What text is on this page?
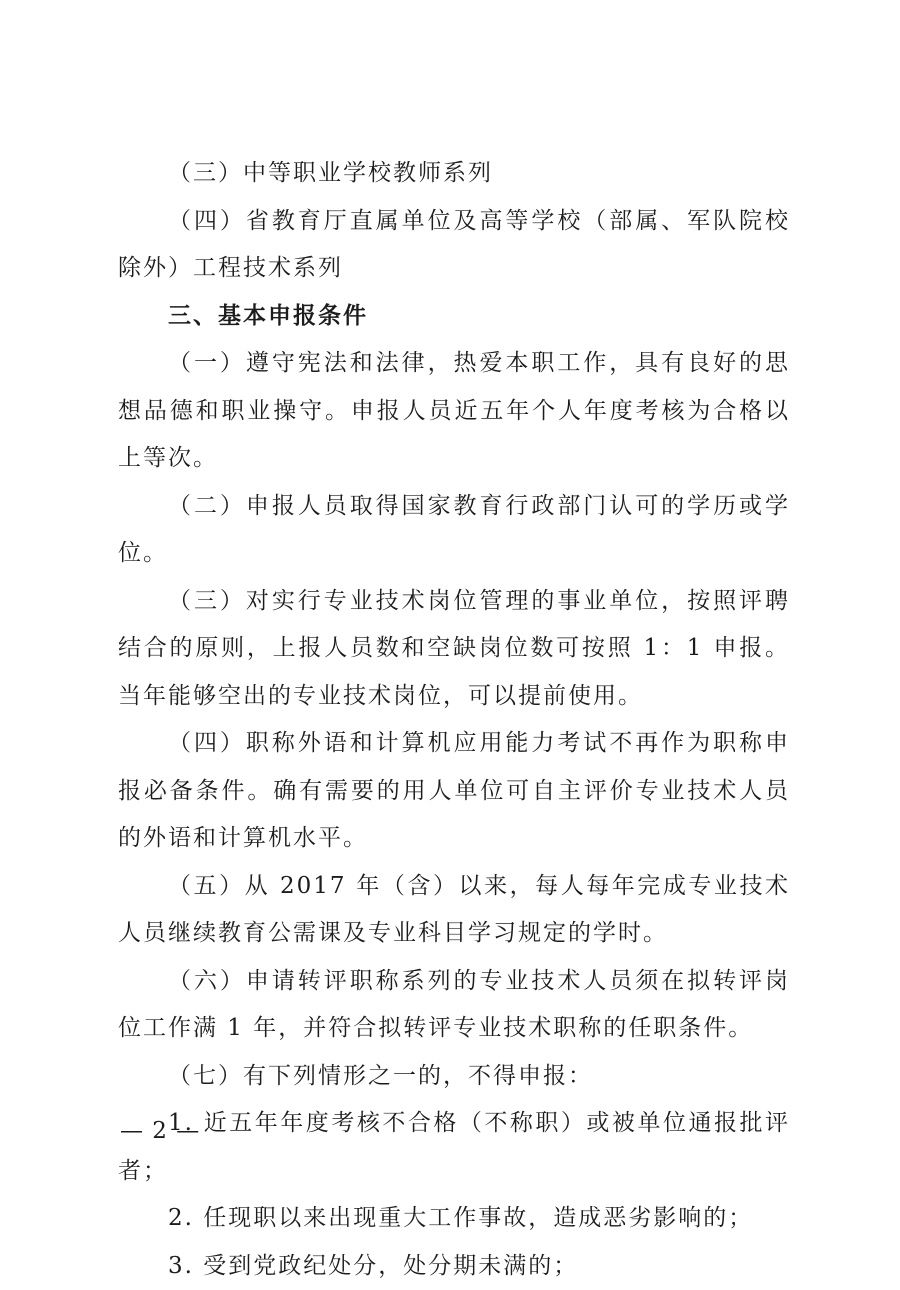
（三）中等职业学校教师系列

（四）省教育厅直属单位及高等学校（部属、军队院校除外）工程技术系列

三、基本申报条件

（一）遵守宪法和法律，热爱本职工作，具有良好的思想品德和职业操守。申报人员近五年个人年度考核为合格以上等次。

（二）申报人员取得国家教育行政部门认可的学历或学位。

（三）对实行专业技术岗位管理的事业单位，按照评聘结合的原则，上报人员数和空缺岗位数可按照 1：1 申报。当年能够空出的专业技术岗位，可以提前使用。

（四）职称外语和计算机应用能力考试不再作为职称申报必备条件。确有需要的用人单位可自主评价专业技术人员的外语和计算机水平。

（五）从 2017 年（含）以来，每人每年完成专业技术人员继续教育公需课及专业科目学习规定的学时。

（六）申请转评职称系列的专业技术人员须在拟转评岗位工作满 1 年，并符合拟转评专业技术职称的任职条件。

（七）有下列情形之一的，不得申报：

1. 近五年年度考核不合格（不称职）或被单位通报批评者；

2. 任现职以来出现重大工作事故，造成恶劣影响的；

3. 受到党政纪处分，处分期未满的；

— 2 —
